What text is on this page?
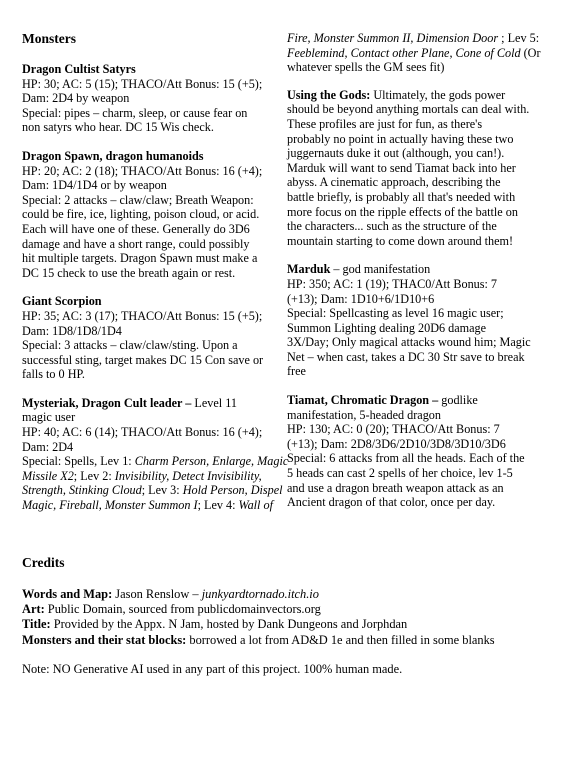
Monsters
Dragon Cultist Satyrs
HP: 30; AC: 5 (15); THACO/Att Bonus: 15 (+5);
Dam: 2D4 by weapon
Special: pipes – charm, sleep, or cause fear on
non satyrs who hear. DC 15 Wis check.
Dragon Spawn, dragon humanoids
HP: 20; AC: 2 (18); THACO/Att Bonus: 16 (+4);
Dam: 1D4/1D4 or by weapon
Special: 2 attacks – claw/claw; Breath Weapon:
could be fire, ice, lighting, poison cloud, or acid.
Each will have one of these. Generally do 3D6
damage and have a short range, could possibly
hit multiple targets. Dragon Spawn must make a
DC 15 check to use the breath again or rest.
Giant Scorpion
HP: 35; AC: 3 (17); THACO/Att Bonus: 15 (+5);
Dam: 1D8/1D8/1D4
Special: 3 attacks – claw/claw/sting. Upon a
successful sting, target makes DC 15 Con save or
falls to 0 HP.
Mysteriak, Dragon Cult leader – Level 11
magic user
HP: 40; AC: 6 (14); THACO/Att Bonus: 16 (+4);
Dam: 2D4
Special: Spells, Lev 1: Charm Person, Enlarge, Magic
Missile X2; Lev 2: Invisibility, Detect Invisibility,
Strength, Stinking Cloud; Lev 3: Hold Person, Dispel
Magic, Fireball, Monster Summon I; Lev 4: Wall of
Fire, Monster Summon II, Dimension Door ; Lev 5:
Feeblemind, Contact other Plane, Cone of Cold (Or
whatever spells the GM sees fit)
Using the Gods: Ultimately, the gods power
should be beyond anything mortals can deal with.
These profiles are just for fun, as there's
probably no point in actually having these two
juggernauts duke it out (although, you can!).
Marduk will want to send Tiamat back into her
abyss. A cinematic approach, describing the
battle briefly, is probably all that's needed with
more focus on the ripple effects of the battle on
the characters... such as the structure of the
mountain starting to come down around them!
Marduk – god manifestation
HP: 350; AC: 1 (19); THAC0/Att Bonus: 7
(+13); Dam: 1D10+6/1D10+6
Special: Spellcasting as level 16 magic user;
Summon Lighting dealing 20D6 damage
3X/Day; Only magical attacks wound him; Magic
Net – when cast, takes a DC 30 Str save to break
free
Tiamat, Chromatic Dragon – godlike
manifestation, 5-headed dragon
HP: 130; AC: 0 (20); THACO/Att Bonus: 7
(+13); Dam: 2D8/3D6/2D10/3D8/3D10/3D6
Special: 6 attacks from all the heads. Each of the
5 heads can cast 2 spells of her choice, lev 1-5
and use a dragon breath weapon attack as an
Ancient dragon of that color, once per day.
Credits
Words and Map: Jason Renslow – junkyardtornado.itch.io
Art: Public Domain, sourced from publicdomainvectors.org
Title: Provided by the Appx. N Jam, hosted by Dank Dungeons and Jorphdan
Monsters and their stat blocks: borrowed a lot from AD&D 1e and then filled in some blanks
Note: NO Generative AI used in any part of this project. 100% human made.
